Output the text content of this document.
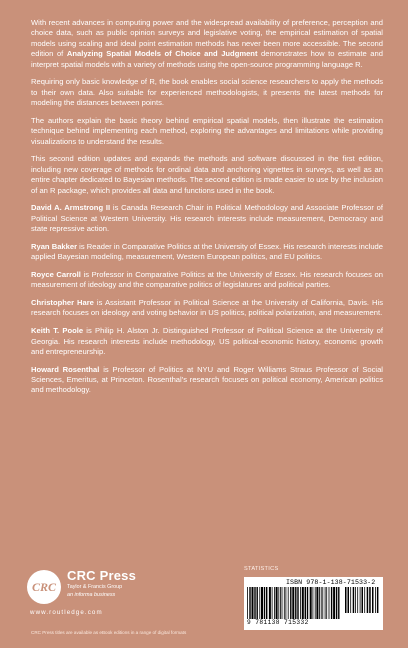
With recent advances in computing power and the widespread availability of preference, perception and choice data, such as public opinion surveys and legislative voting, the empirical estimation of spatial models using scaling and ideal point estimation methods has never been more accessible. The second edition of Analyzing Spatial Models of Choice and Judgment demonstrates how to estimate and interpret spatial models with a variety of methods using the open-source programming language R.

Requiring only basic knowledge of R, the book enables social science researchers to apply the methods to their own data. Also suitable for experienced methodologists, it presents the latest methods for modeling the distances between points.

The authors explain the basic theory behind empirical spatial models, then illustrate the estimation technique behind implementing each method, exploring the advantages and limitations while providing visualizations to understand the results.

This second edition updates and expands the methods and software discussed in the first edition, including new coverage of methods for ordinal data and anchoring vignettes in surveys, as well as an entire chapter dedicated to Bayesian methods. The second edition is made easier to use by the inclusion of an R package, which provides all data and functions used in the book.

David A. Armstrong II is Canada Research Chair in Political Methodology and Associate Professor of Political Science at Western University. His research interests include measurement, Democracy and state repressive action.

Ryan Bakker is Reader in Comparative Politics at the University of Essex. His research interests include applied Bayesian modeling, measurement, Western European politics, and EU politics.

Royce Carroll is Professor in Comparative Politics at the University of Essex. His research focuses on measurement of ideology and the comparative politics of legislatures and political parties.

Christopher Hare is Assistant Professor in Political Science at the University of California, Davis. His research focuses on ideology and voting behavior in US politics, political polarization, and measurement.

Keith T. Poole is Philip H. Alston Jr. Distinguished Professor of Political Science at the University of Georgia. His research interests include methodology, US political-economic history, economic growth and entrepreneurship.

Howard Rosenthal is Professor of Politics at NYU and Roger Williams Straus Professor of Social Sciences, Emeritus, at Princeton. Rosenthal’s research focuses on political economy, American politics and methodology.

CRC
CRC Press
Taylor & Francis Group
an informa business
www.routledge.com
CRC Press titles are available as eBook editions in a range of digital formats
STATISTICS
ISBN 978-1-138-71533-2
9 781138 715332
